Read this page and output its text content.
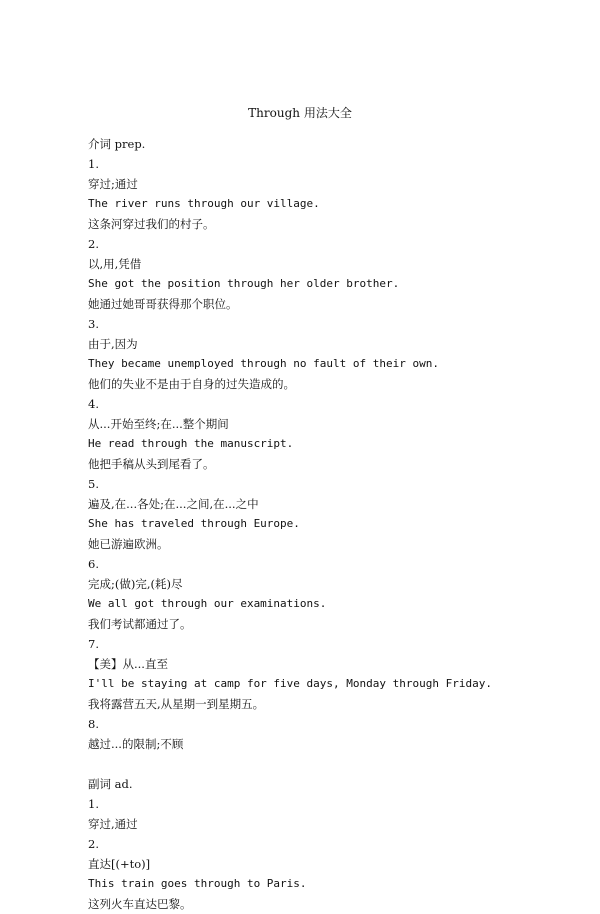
Through 用法大全
介词 prep.
1.
穿过;通过
The river runs through our village.
这条河穿过我们的村子。
2.
以,用,凭借
She got the position through her older brother.
她通过她哥哥获得那个职位。
3.
由于,因为
They became unemployed through no fault of their own.
他们的失业不是由于自身的过失造成的。
4.
从...开始至终;在...整个期间
He read through the manuscript.
他把手稿从头到尾看了。
5.
遍及,在...各处;在...之间,在...之中
She has traveled through Europe.
她已游遍欧洲。
6.
完成;(做)完,(耗)尽
We all got through our examinations.
我们考试都通过了。
7.
【美】从...直至
I'll be staying at camp for five days, Monday through Friday.
我将露营五天,从星期一到星期五。
8.
越过...的限制;不顾
副词 ad.
1.
穿过,通过
2.
直达[(+to)]
This train goes through to Paris.
这列火车直达巴黎。
